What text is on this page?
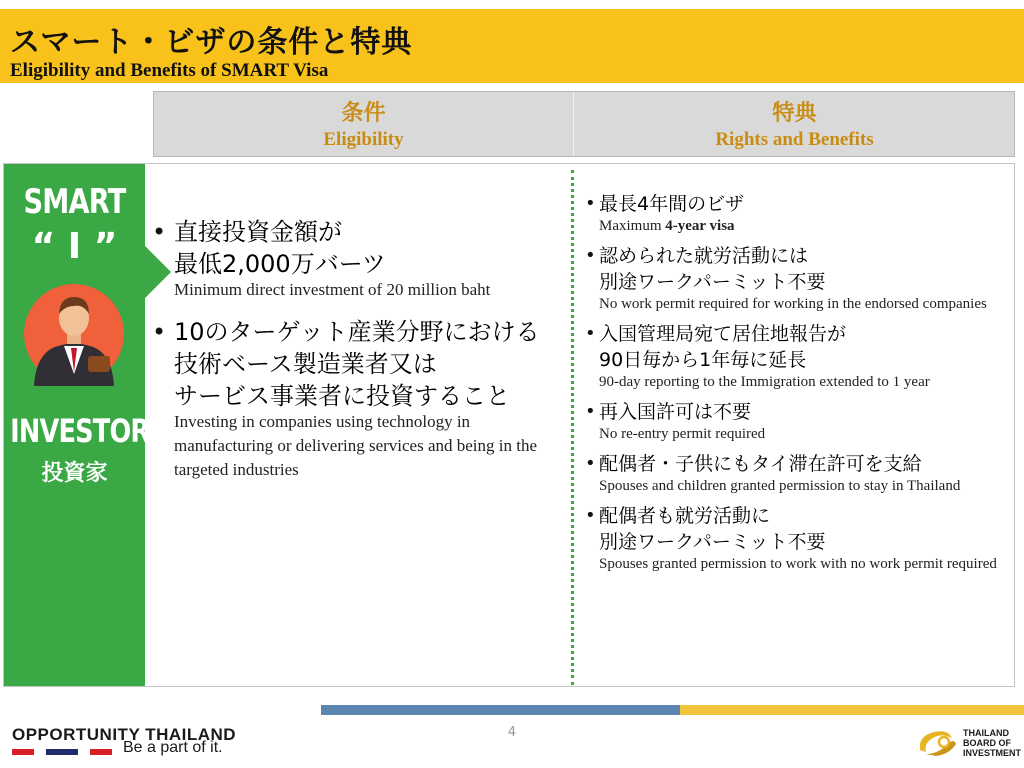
スマート・ビザの条件と特典
Eligibility and Benefits of SMART Visa
条件
Eligibility
特典
Rights and Benefits
SMART
“ I ”
INVESTOR
投資家
• 直接投資金額が
最低2,000万バーツ
Minimum direct investment of 20 million baht
• 10のターゲット産業分野における
技術ベース製造業者又は
サービス事業者に投資すること
Investing in companies using technology in manufacturing or delivering services and being in the targeted industries
• 最長4年間のビザ
Maximum 4-year visa
• 認められた就労活動には
別途ワークパーミット不要
No work permit required for working in the endorsed companies
• 入国管理局宛て居住地報告が
90日毎から1年毎に延長
90-day reporting to the Immigration extended to 1 year
• 再入国許可は不要
No re-entry permit required
• 配偶者・子供にもタイ滞在許可を支給
Spouses and children granted permission to stay in Thailand
• 配偶者も就労活動に
別途ワークパーミット不要
Spouses granted permission to work with no work permit required
4
OPPORTUNITY THAILAND
Be a part of it.
THAILAND
BOARD OF
INVESTMENT
